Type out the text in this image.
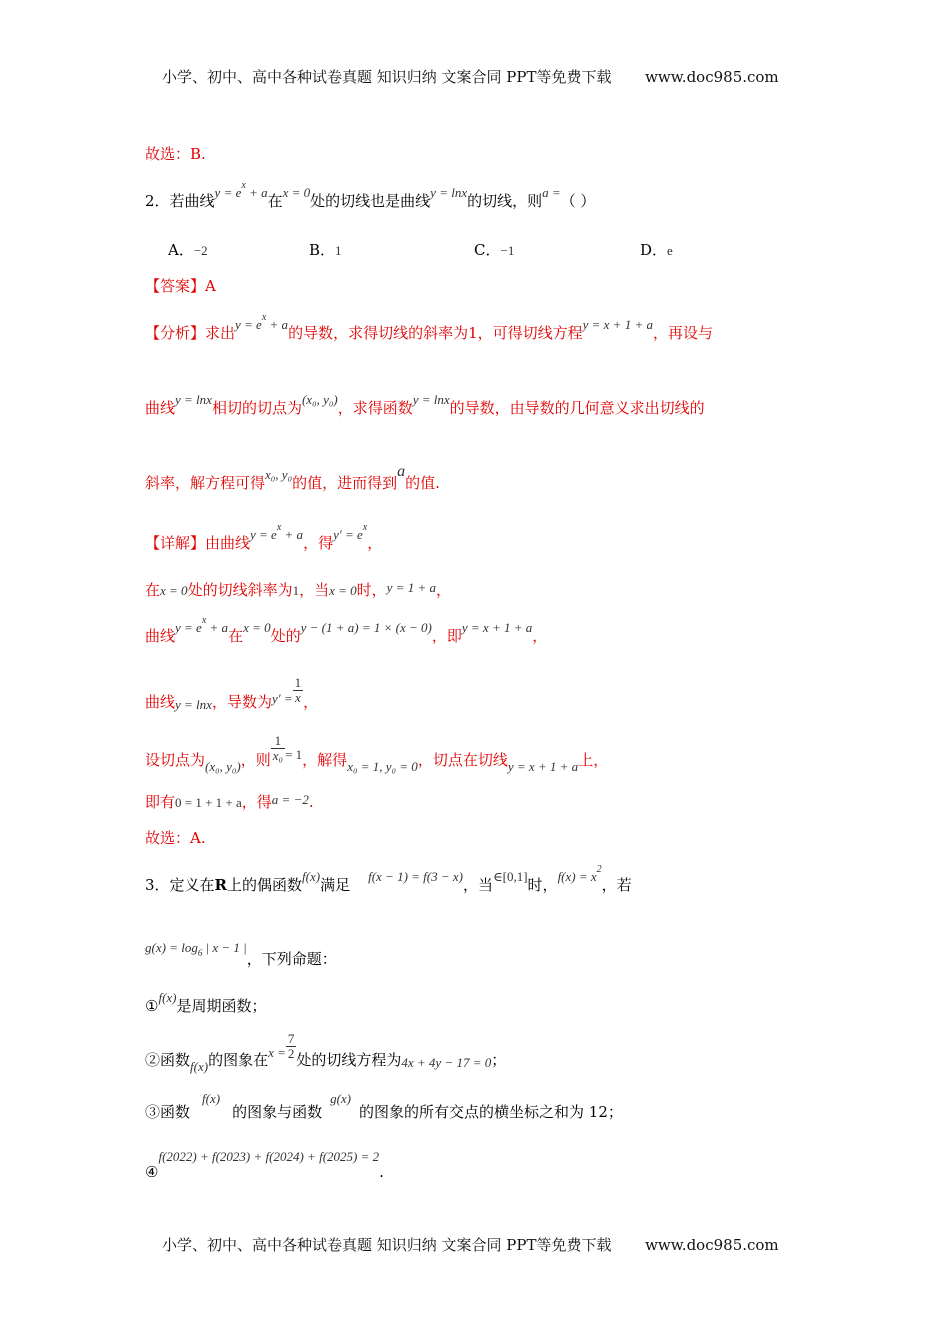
小学、初中、高中各种试卷真题 知识归纳 文案合同 PPT等免费下载 www.doc985.com
故选：B.
2．若曲线$y = e^x + a$在x = 0处的切线也是曲线y = lnx的切线，则a =（ ）
A．−2	B．1	C．−1	D．e
【答案】A
【分析】求出$y = e^x + a$的导数，求得切线的斜率为1，可得切线方程y = x + 1 + a，再设与
曲线y = lnx相切的切点为(x₀, y₀)，求得函数y = lnx的导数，由导数的几何意义求出切线的
斜率，解方程可得x₀, y₀的值，进而得到a的值.
【详解】由曲线$y = e^x + a$，得$y' = e^x$，
在x = 0处的切线斜率为1，当x = 0时，y = 1 + a，
曲线$y = e^x + a$在x = 0处的y − (1 + a) = 1 × (x − 0)，即y = x + 1 + a，
曲线y = lnx，导数为$y' = \frac{1}{x}$ ，
设切点为(x₀, y₀)，则 $\frac{1}{\text{x₀}} = 1$，解得x₀ = 1, y₀ = 0，切点在切线y = x + 1 + a上，
即有0 = 1 + 1 + a，得a = −2.
故选：A.
3．定义在R上的偶函数f(x)满足 f(x − 1) = f(3 − x)，当∈[0,1]时，$f(x) = x^2$，若
$g(x) = \log_6$ | x − 1 |，下列命题：
①f(x)是周期函数；
②函数f(x)的图象在$x = \frac{7}{2}$ 处的切线方程为4x + 4y − 17 = 0；
③函数f(x)的图象与函数g(x)的图象的所有交点的横坐标之和为 12；
④f(2022) + f(2023) + f(2024) + f(2025) = 2.
小学、初中、高中各种试卷真题 知识归纳 文案合同 PPT等免费下载 www.doc985.com
